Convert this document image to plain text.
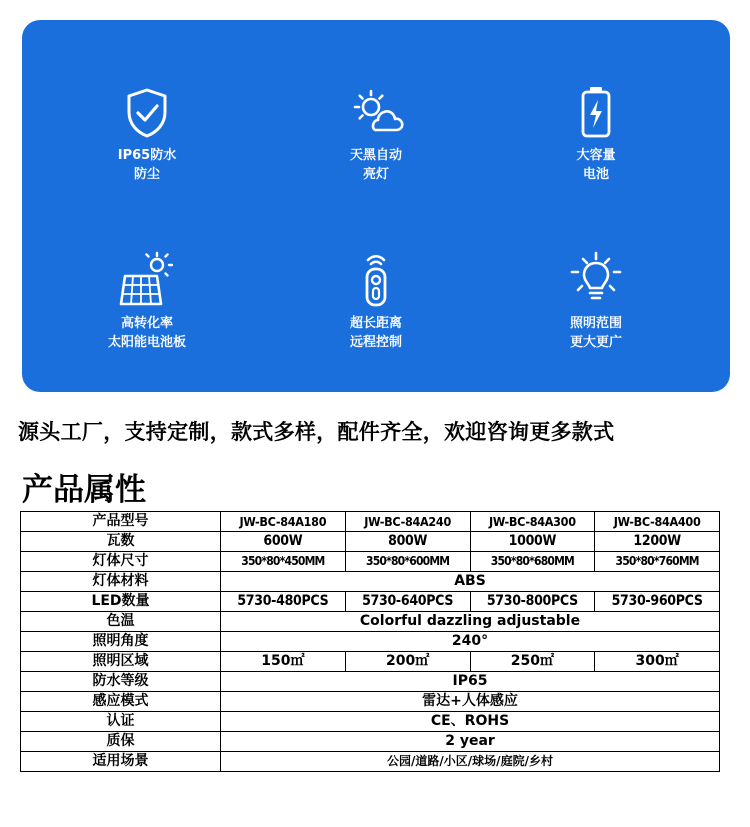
IP65防水
防尘
天黑自动
亮灯
大容量
电池
高转化率
太阳能电池板
超长距离
远程控制
照明范围
更大更广
源头工厂，支持定制，款式多样，配件齐全，欢迎咨询更多款式
产品属性
产品型号	JW-BC-84A180	JW-BC-84A240	JW-BC-84A300	JW-BC-84A400
瓦数	600W	800W	1000W	1200W
灯体尺寸	350*80*450MM	350*80*600MM	350*80*680MM	350*80*760MM
灯体材料	ABS			
LED数量	5730-480PCS	5730-640PCS	5730-800PCS	5730-960PCS
色温	Colorful dazzling adjustable			
照明角度	240°			
照明区域	150㎡	200㎡	250㎡	300㎡
防水等级	IP65			
感应模式	雷达+人体感应			
认证	CE、ROHS			
质保	2 year			
适用场景	公园/道路/小区/球场/庭院/乡村			
